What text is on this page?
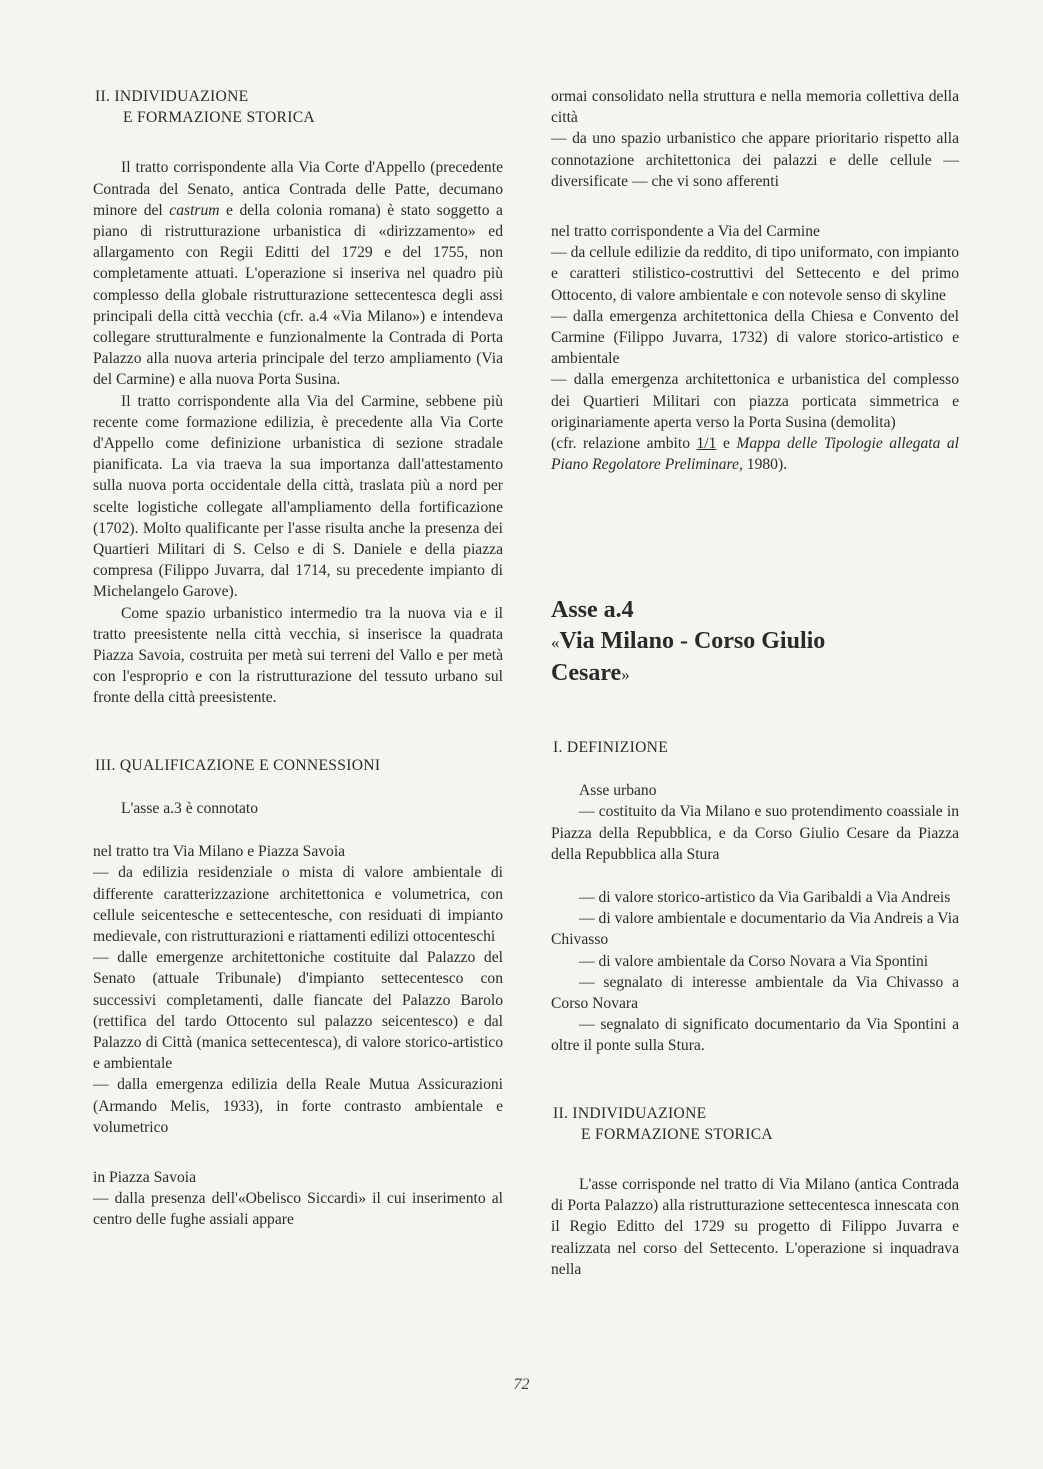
II. INDIVIDUAZIONE
E FORMAZIONE STORICA

Il tratto corrispondente alla Via Corte d'Appello (precedente Contrada del Senato, antica Contrada delle Patte, decumano minore del castrum e della colonia romana) è stato soggetto a piano di ristrutturazione urbanistica di «dirizzamento» ed allargamento con Regii Editti del 1729 e del 1755, non completamente attuati. L'operazione si inseriva nel quadro più complesso della globale ristrutturazione settecentesca degli assi principali della città vecchia (cfr. a.4 «Via Milano») e intendeva collegare strutturalmente e funzionalmente la Contrada di Porta Palazzo alla nuova arteria principale del terzo ampliamento (Via del Carmine) e alla nuova Porta Susina.

Il tratto corrispondente alla Via del Carmine, sebbene più recente come formazione edilizia, è precedente alla Via Corte d'Appello come definizione urbanistica di sezione stradale pianificata. La via traeva la sua importanza dall'attestamento sulla nuova porta occidentale della città, traslata più a nord per scelte logistiche collegate all'ampliamento della fortificazione (1702). Molto qualificante per l'asse risulta anche la presenza dei Quartieri Militari di S. Celso e di S. Daniele e della piazza compresa (Filippo Juvarra, dal 1714, su precedente impianto di Michelangelo Garove).

Come spazio urbanistico intermedio tra la nuova via e il tratto preesistente nella città vecchia, si inserisce la quadrata Piazza Savoia, costruita per metà sui terreni del Vallo e per metà con l'esproprio e con la ristrutturazione del tessuto urbano sul fronte della città preesistente.

III. QUALIFICAZIONE E CONNESSIONI

L'asse a.3 è connotato

nel tratto tra Via Milano e Piazza Savoia

— da edilizia residenziale o mista di valore ambientale di differente caratterizzazione architettonica e volumetrica, con cellule seicentesche e settecentesche, con residuati di impianto medievale, con ristrutturazioni e riattamenti edilizi ottocenteschi

— dalle emergenze architettoniche costituite dal Palazzo del Senato (attuale Tribunale) d'impianto settecentesco con successivi completamenti, dalle fiancate del Palazzo Barolo (rettifica del tardo Ottocento sul palazzo seicentesco) e dal Palazzo di Città (manica settecentesca), di valore storico-artistico e ambientale

— dalla emergenza edilizia della Reale Mutua Assicurazioni (Armando Melis, 1933), in forte contrasto ambientale e volumetrico

in Piazza Savoia

— dalla presenza dell'«Obelisco Siccardi» il cui inserimento al centro delle fughe assiali appare

ormai consolidato nella struttura e nella memoria collettiva della città

— da uno spazio urbanistico che appare prioritario rispetto alla connotazione architettonica dei palazzi e delle cellule — diversificate — che vi sono afferenti

nel tratto corrispondente a Via del Carmine

— da cellule edilizie da reddito, di tipo uniformato, con impianto e caratteri stilistico-costruttivi del Settecento e del primo Ottocento, di valore ambientale e con notevole senso di skyline

— dalla emergenza architettonica della Chiesa e Convento del Carmine (Filippo Juvarra, 1732) di valore storico-artistico e ambientale

— dalla emergenza architettonica e urbanistica del complesso dei Quartieri Militari con piazza porticata simmetrica e originariamente aperta verso la Porta Susina (demolita)

(cfr. relazione ambito 1/1 e Mappa delle Tipologie allegata al Piano Regolatore Preliminare, 1980).

Asse a.4
«Via Milano - Corso Giulio
Cesare»
I. DEFINIZIONE

Asse urbano

— costituito da Via Milano e suo protendimento coassiale in Piazza della Repubblica, e da Corso Giulio Cesare da Piazza della Repubblica alla Stura

— di valore storico-artistico da Via Garibaldi a Via Andreis

— di valore ambientale e documentario da Via Andreis a Via Chivasso

— di valore ambientale da Corso Novara a Via Spontini

— segnalato di interesse ambientale da Via Chivasso a Corso Novara

— segnalato di significato documentario da Via Spontini a oltre il ponte sulla Stura.

II. INDIVIDUAZIONE
E FORMAZIONE STORICA

L'asse corrisponde nel tratto di Via Milano (antica Contrada di Porta Palazzo) alla ristrutturazione settecentesca innescata con il Regio Editto del 1729 su progetto di Filippo Juvarra e realizzata nel corso del Settecento. L'operazione si inquadrava nella

72
